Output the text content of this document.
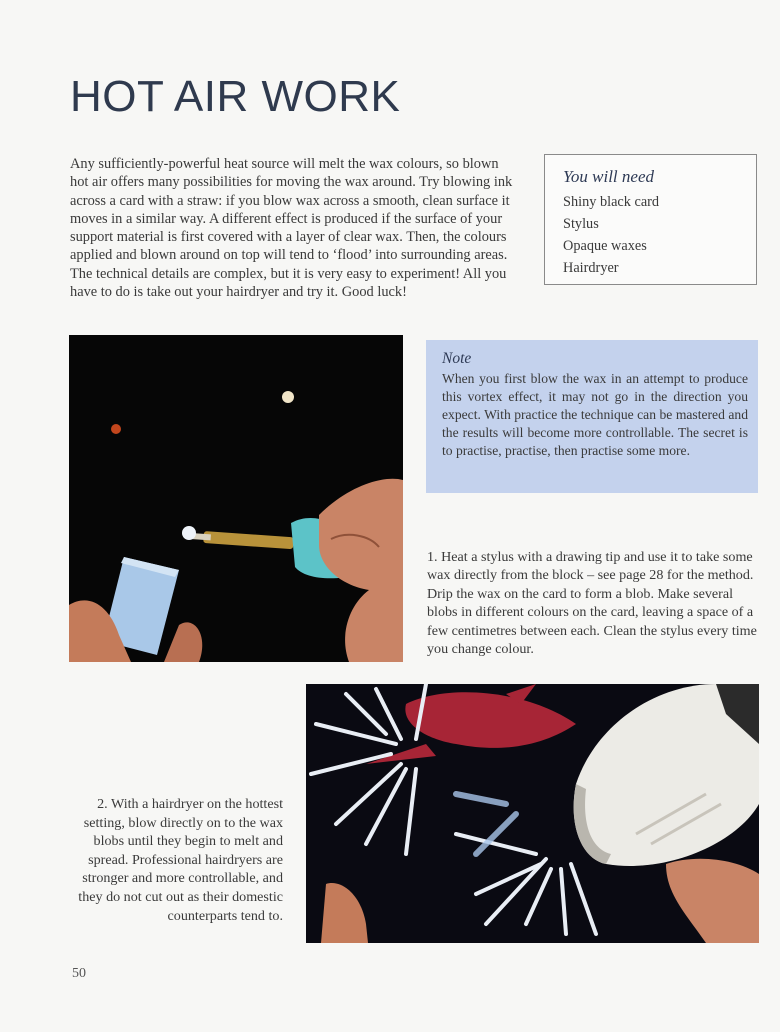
HOT AIR WORK

Any sufficiently-powerful heat source will melt the wax colours, so blown hot air offers many possibilities for moving the wax around. Try blowing ink across a card with a straw: if you blow wax across a smooth, clean surface it moves in a similar way. A different effect is produced if the surface of your support material is first covered with a layer of clear wax. Then, the colours applied and blown around on top will tend to ‘flood’ into surrounding areas. The technical details are complex, but it is very easy to experiment! All you have to do is take out your hairdryer and try it. Good luck!

You will need

Shiny black card
Stylus
Opaque waxes
Hairdryer

Note

When you first blow the wax in an attempt to produce this vortex effect, it may not go in the direction you expect. With practice the technique can be mastered and the results will become more controllable. The secret is to practise, practise, then practise some more.

1. Heat a stylus with a drawing tip and use it to take some wax directly from the block – see page 28 for the method. Drip the wax on the card to form a blob. Make several blobs in different colours on the card, leaving a space of a few centimetres between each. Clean the stylus every time you change colour.

2. With a hairdryer on the hottest setting, blow directly on to the wax blobs until they begin to melt and spread. Professional hairdryers are stronger and more controllable, and they do not cut out as their domestic counterparts tend to.

50
